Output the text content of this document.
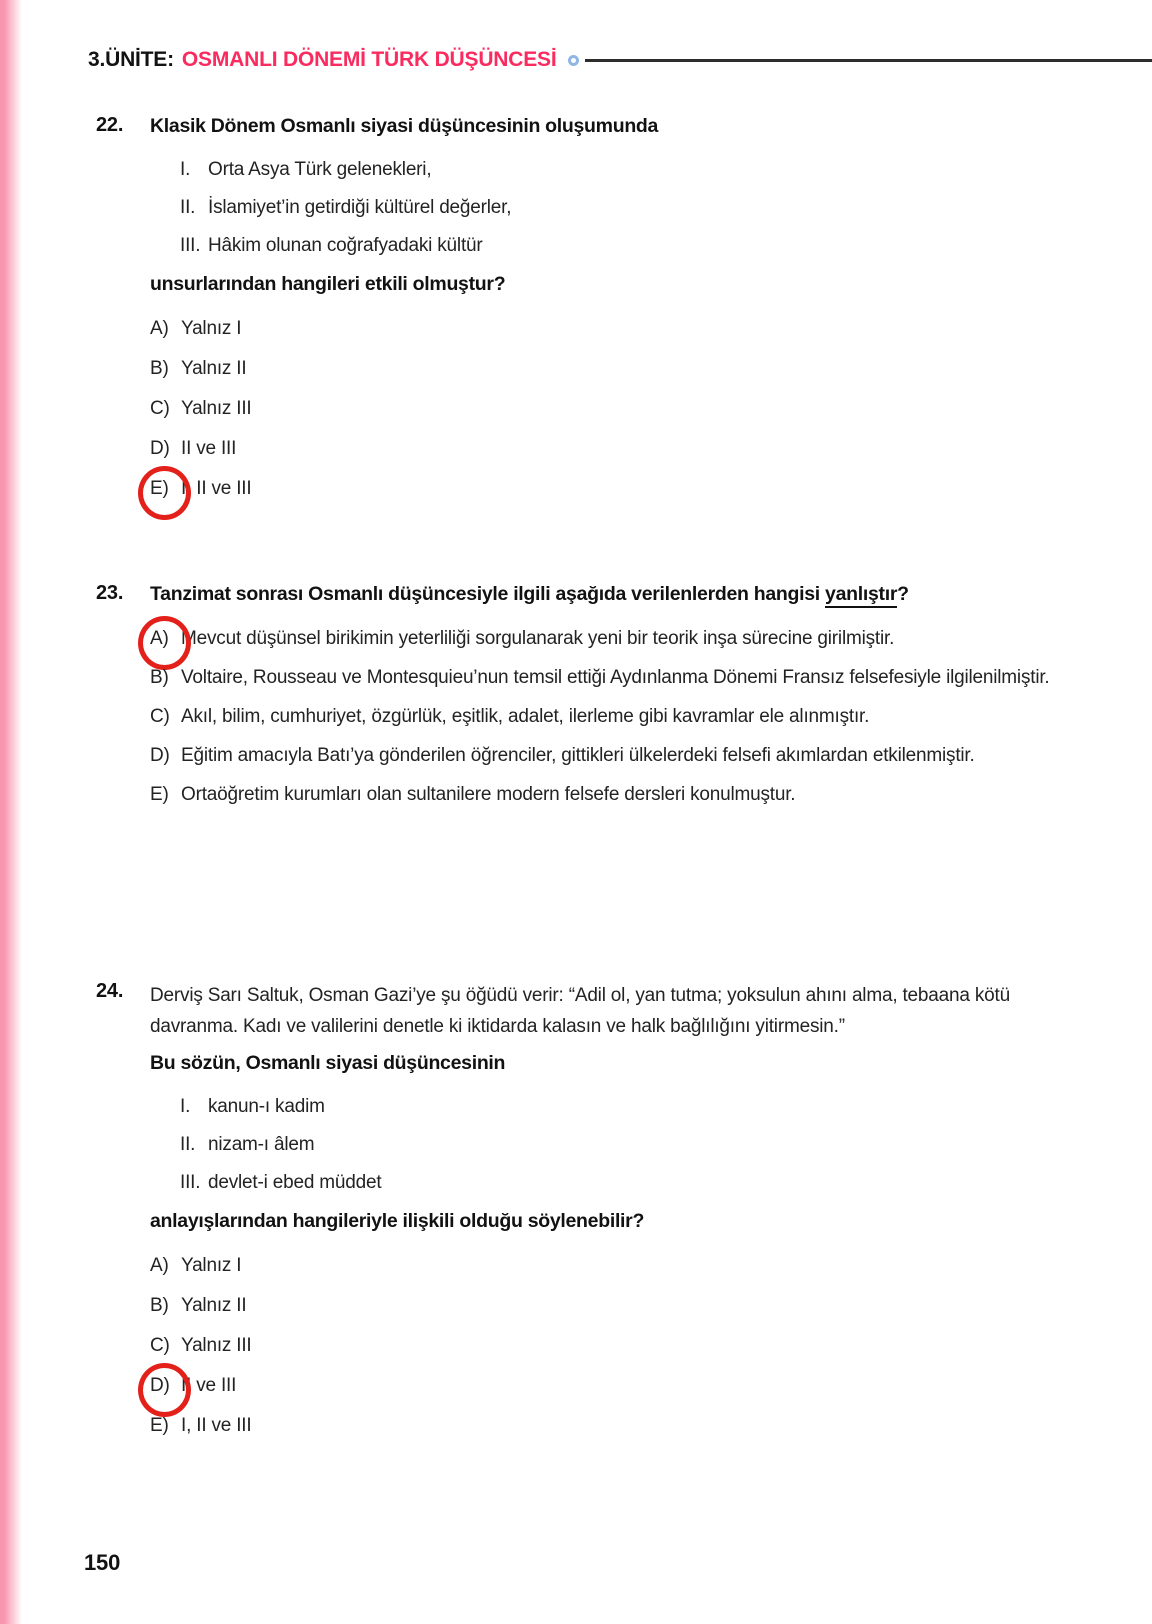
3.ÜNİTE: OSMANLI DÖNEMİ TÜRK DÜŞÜNCESİ
22.	Klasik Dönem Osmanlı siyasi düşüncesinin oluşumunda

I. Orta Asya Türk gelenekleri,
II. İslamiyet’in getirdiği kültürel değerler,
III. Hâkim olunan coğrafyadaki kültür

unsurlarından hangileri etkili olmuştur?

A) Yalnız I
B) Yalnız II
C) Yalnız III
D) II ve III
E) I, II ve III
23.	Tanzimat sonrası Osmanlı düşüncesiyle ilgili aşağıda verilenlerden hangisi yanlıştır?

A) Mevcut düşünsel birikimin yeterliliği sorgulanarak yeni bir teorik inşa sürecine girilmiştir.
B) Voltaire, Rousseau ve Montesquieu’nun temsil ettiği Aydınlanma Dönemi Fransız felsefesiyle ilgilenilmiştir.
C) Akıl, bilim, cumhuriyet, özgürlük, eşitlik, adalet, ilerleme gibi kavramlar ele alınmıştır.
D) Eğitim amacıyla Batı’ya gönderilen öğrenciler, gittikleri ülkelerdeki felsefi akımlardan etkilenmiştir.
E) Ortaöğretim kurumları olan sultanilere modern felsefe dersleri konulmuştur.
24.	Derviş Sarı Saltuk, Osman Gazi’ye şu öğüdü verir: “Adil ol, yan tutma; yoksulun ahını alma, tebaana kötü davranma. Kadı ve valilerini denetle ki iktidarda kalasın ve halk bağlılığını yitirmesin.”

Bu sözün, Osmanlı siyasi düşüncesinin

I. kanun-ı kadim
II. nizam-ı âlem
III. devlet-i ebed müddet

anlayışlarından hangileriyle ilişkili olduğu söylenebilir?

A) Yalnız I
B) Yalnız II
C) Yalnız III
D) II ve III
E) I, II ve III
150
